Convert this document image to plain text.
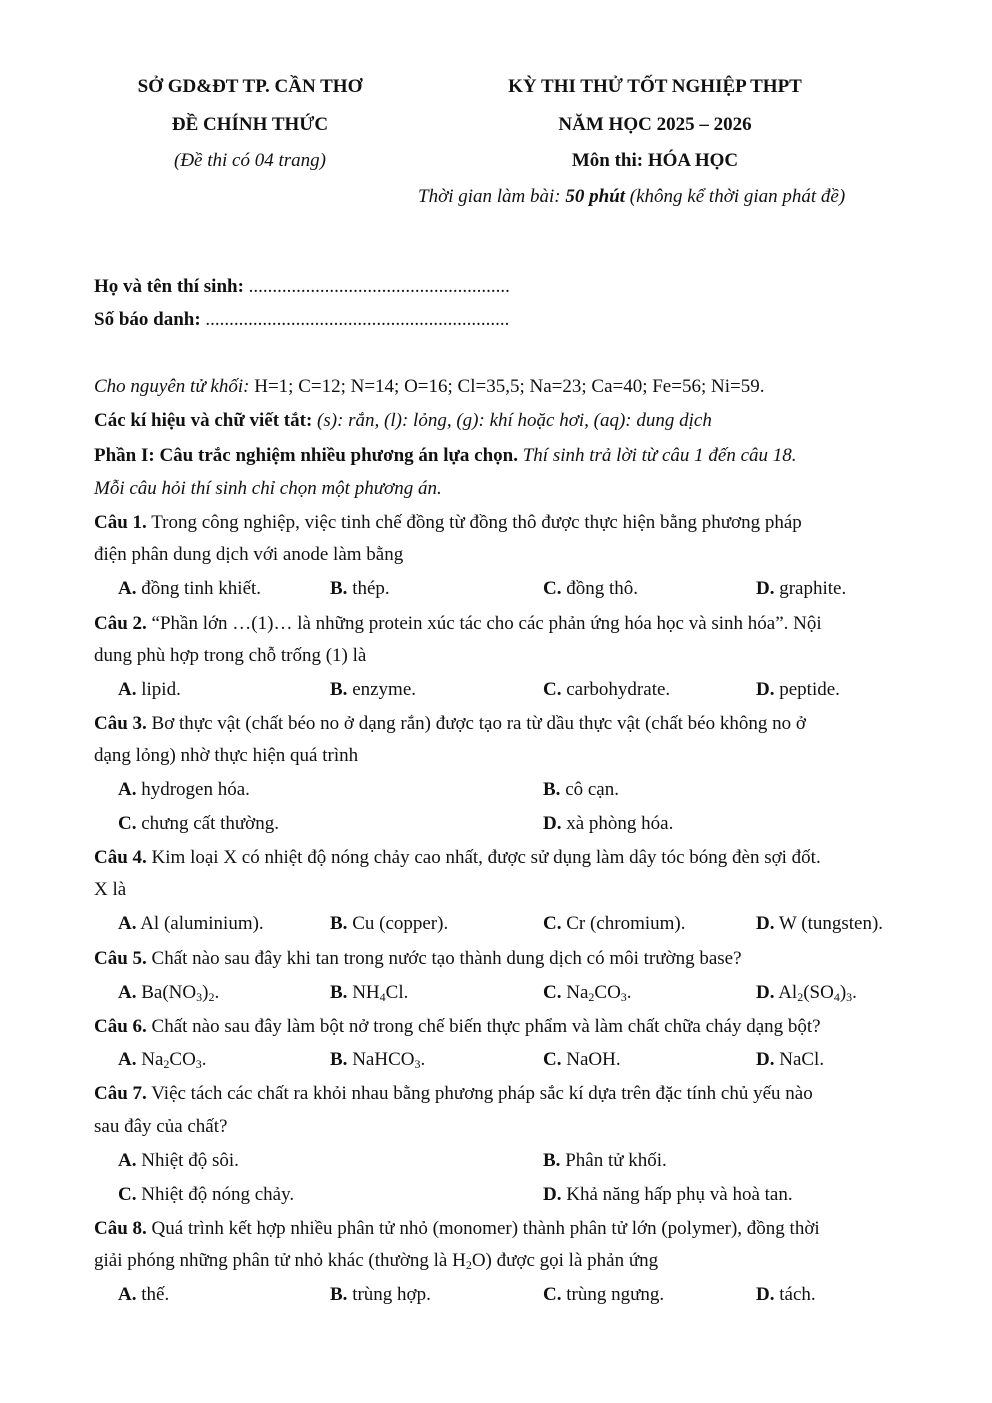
SỞ GD&ĐT TP. CẦN THƠ
ĐỀ CHÍNH THỨC
(Đề thi có 04 trang)
KỲ THI THỬ TỐT NGHIỆP THPT
NĂM HỌC 2025 – 2026
Môn thi: HÓA HỌC
Thời gian làm bài: 50 phút (không kể thời gian phát đề)
Họ và tên thí sinh: .......................................................
Số báo danh: ................................................................
Cho nguyên tử khối: H=1; C=12; N=14; O=16; Cl=35,5; Na=23; Ca=40; Fe=56; Ni=59.
Các kí hiệu và chữ viết tắt: (s): rắn, (l): lỏng, (g): khí hoặc hơi, (aq): dung dịch
Phần I: Câu trắc nghiệm nhiều phương án lựa chọn. Thí sinh trả lời từ câu 1 đến câu 18.
Mỗi câu hỏi thí sinh chỉ chọn một phương án.
Câu 1. Trong công nghiệp, việc tinh chế đồng từ đồng thô được thực hiện bằng phương pháp
điện phân dung dịch với anode làm bằng
A. đồng tinh khiết.	B. thép.	C. đồng thô.	D. graphite.
Câu 2. “Phần lớn …(1)… là những protein xúc tác cho các phản ứng hóa học và sinh hóa”. Nội
dung phù hợp trong chỗ trống (1) là
A. lipid.	B. enzyme.	C. carbohydrate.	D. peptide.
Câu 3. Bơ thực vật (chất béo no ở dạng rắn) được tạo ra từ dầu thực vật (chất béo không no ở
dạng lỏng) nhờ thực hiện quá trình
A. hydrogen hóa.	B. cô cạn.
C. chưng cất thường.	D. xà phòng hóa.
Câu 4. Kim loại X có nhiệt độ nóng chảy cao nhất, được sử dụng làm dây tóc bóng đèn sợi đốt.
X là
A. Al (aluminium).	B. Cu (copper).	C. Cr (chromium).	D. W (tungsten).
Câu 5. Chất nào sau đây khi tan trong nước tạo thành dung dịch có môi trường base?
A. $Ba(NO_3)_2$.	B. $NH_4Cl$.	C. $Na_2CO_3$.	D. $Al_2(SO_4)_3$.
Câu 6. Chất nào sau đây làm bột nở trong chế biến thực phẩm và làm chất chữa cháy dạng bột?
A. $Na_2CO_3$.	B. NaHCO$_3$.	C. NaOH.	D. NaCl.
Câu 7. Việc tách các chất ra khỏi nhau bằng phương pháp sắc kí dựa trên đặc tính chủ yếu nào
sau đây của chất?
A. Nhiệt độ sôi.	B. Phân tử khối.
C. Nhiệt độ nóng chảy.	D. Khả năng hấp phụ và hoà tan.
Câu 8. Quá trình kết hợp nhiều phân tử nhỏ (monomer) thành phân tử lớn (polymer), đồng thời
giải phóng những phân tử nhỏ khác (thường là $H_2O$) được gọi là phản ứng
A. thế.	B. trùng hợp.	C. trùng ngưng.	D. tách.
